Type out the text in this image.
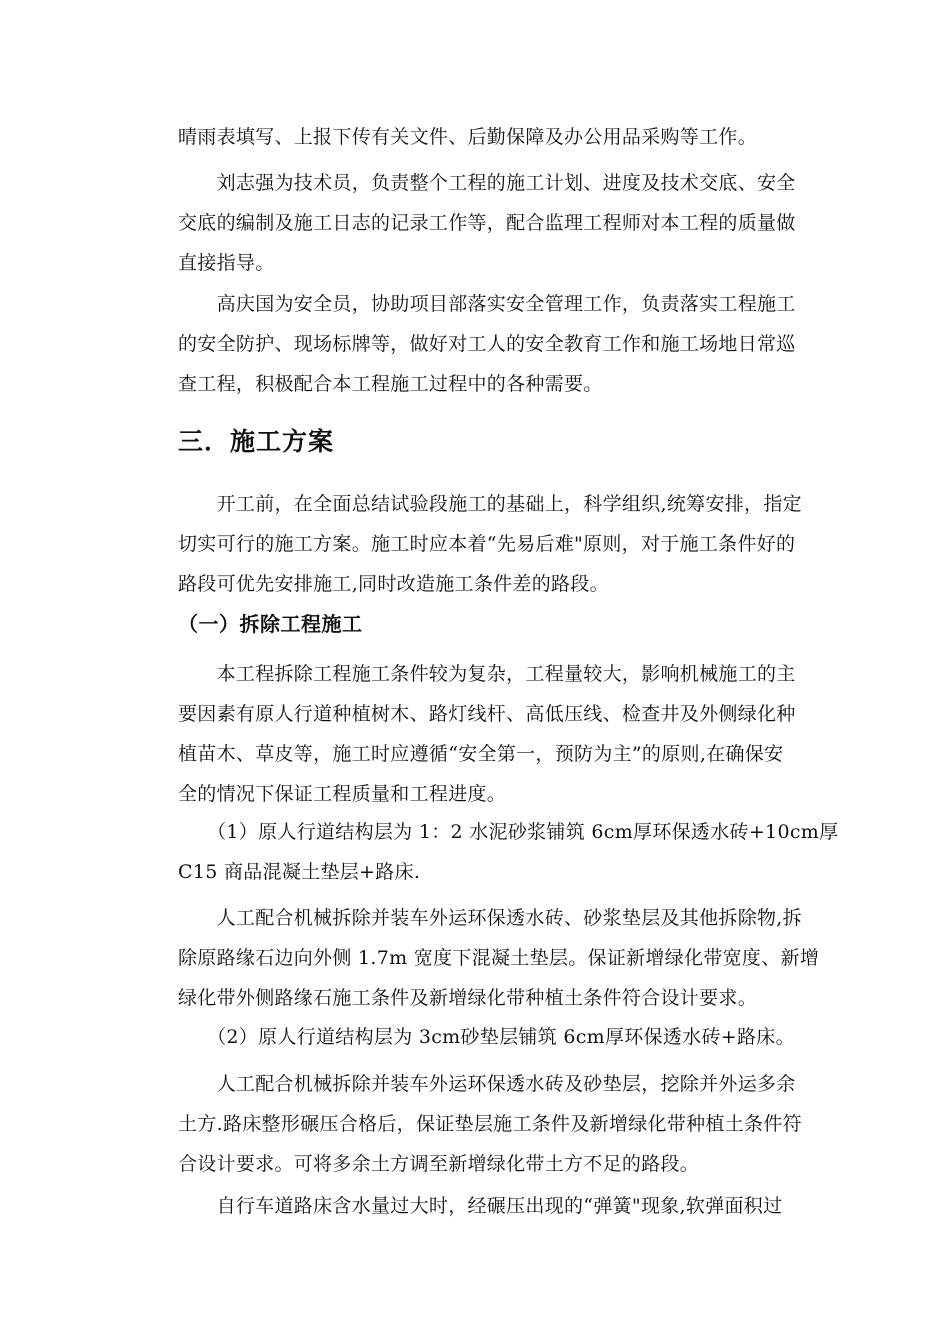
晴雨表填写、上报下传有关文件、后勤保障及办公用品采购等工作。

　　刘志强为技术员，负责整个工程的施工计划、进度及技术交底、安全
交底的编制及施工日志的记录工作等，配合监理工程师对本工程的质量做
直接指导。

　　高庆国为安全员，协助项目部落实安全管理工作，负责落实工程施工
的安全防护、现场标牌等，做好对工人的安全教育工作和施工场地日常巡
查工程，积极配合本工程施工过程中的各种需要。

三．施工方案

　　开工前，在全面总结试验段施工的基础上，科学组织,统筹安排，指定
切实可行的施工方案。施工时应本着“先易后难"原则，对于施工条件好的
路段可优先安排施工,同时改造施工条件差的路段。

（一）拆除工程施工

　　本工程拆除工程施工条件较为复杂，工程量较大，影响机械施工的主
要因素有原人行道种植树木、路灯线杆、高低压线、检查井及外侧绿化种
植苗木、草皮等，施工时应遵循“安全第一，预防为主”的原则,在确保安
全的情况下保证工程质量和工程进度。

　　（1）原人行道结构层为 1：2 水泥砂浆铺筑 6cm厚环保透水砖+10cm厚
C15 商品混凝土垫层+路床.

　　人工配合机械拆除并装车外运环保透水砖、砂浆垫层及其他拆除物,拆
除原路缘石边向外侧 1.7m 宽度下混凝土垫层。保证新增绿化带宽度、新增
绿化带外侧路缘石施工条件及新增绿化带种植土条件符合设计要求。

　　（2）原人行道结构层为 3cm砂垫层铺筑 6cm厚环保透水砖+路床。

　　人工配合机械拆除并装车外运环保透水砖及砂垫层，挖除并外运多余
土方.路床整形碾压合格后，保证垫层施工条件及新增绿化带种植土条件符
合设计要求。可将多余土方调至新增绿化带土方不足的路段。

　　自行车道路床含水量过大时，经碾压出现的“弹簧"现象,软弹面积过
